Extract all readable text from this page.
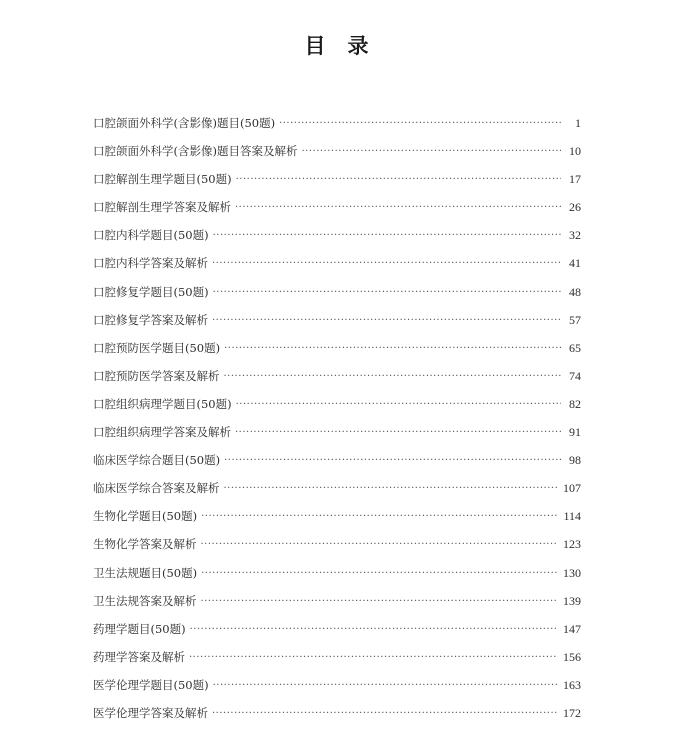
目 录
口腔颌面外科学(含影像)题目(50题) ·····	1
口腔颌面外科学(含影像)题目答案及解析 ·····	10
口腔解剖生理学题目(50题) ·····	17
口腔解剖生理学答案及解析 ·····	26
口腔内科学题目(50题) ·····	32
口腔内科学答案及解析 ·····	41
口腔修复学题目(50题) ·····	48
口腔修复学答案及解析 ·····	57
口腔预防医学题目(50题) ·····	65
口腔预防医学答案及解析 ·····	74
口腔组织病理学题目(50题) ·····	82
口腔组织病理学答案及解析 ·····	91
临床医学综合题目(50题) ·····	98
临床医学综合答案及解析 ·····	107
生物化学题目(50题) ·····	114
生物化学答案及解析 ·····	123
卫生法规题目(50题) ·····	130
卫生法规答案及解析 ·····	139
药理学题目(50题) ·····	147
药理学答案及解析 ·····	156
医学伦理学题目(50题) ·····	163
医学伦理学答案及解析 ·····	172
